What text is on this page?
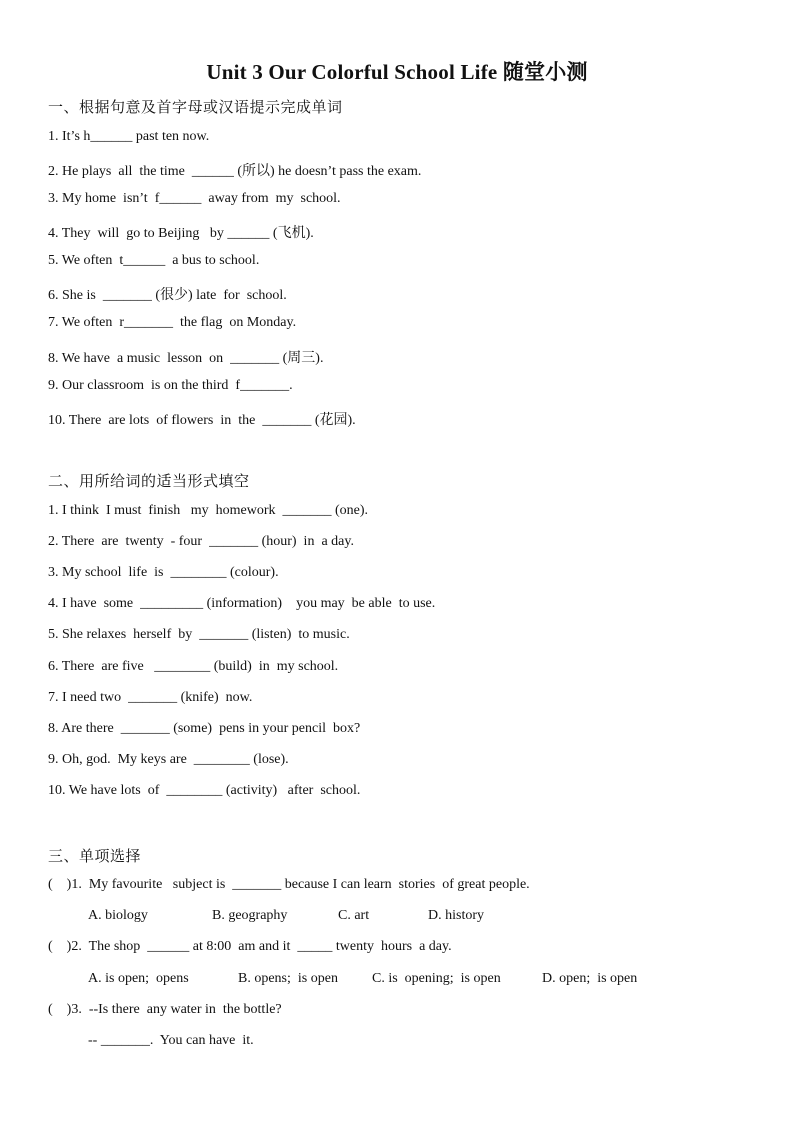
Unit 3 Our Colorful School Life 随堂小测
一、根据句意及首字母或汉语提示完成单词
1. It’s h______ past ten now.
2. He plays  all  the time  ______ (所以) he doesn’t pass the exam.
3. My home  isn’t  f______  away from  my  school.
4. They  will  go to Beijing   by ______ (飞机).
5. We often  t______  a bus to school.
6. She is  _______ (很少) late  for  school.
7. We often  r_______  the flag  on Monday.
8. We have  a music  lesson  on  _______ (周三).
9. Our classroom  is on the third  f_______.
10. There  are lots  of flowers  in  the  _______ (花园).
二、用所给词的适当形式填空
1. I think  I must  finish   my  homework  _______ (one).
2. There  are  twenty  - four  _______ (hour)  in  a day.
3. My school  life  is  ________ (colour).
4. I have  some  _________ (information)    you may  be able  to use.
5. She relaxes  herself  by  _______ (listen)  to music.
6. There  are five   ________ (build)  in  my school.
7. I need two  _______ (knife)  now.
8. Are there  _______ (some)  pens in your pencil  box?
9. Oh, god.  My keys are  ________ (lose).
10. We have lots  of  ________ (activity)   after  school.
三、单项选择
(    )1.  My favourite   subject is  _______ because I can learn  stories  of great people.
A. biology	B. geography	C. art	D. history
(    )2.  The shop  ______ at 8:00  am and it  _____ twenty  hours  a day.
A. is open;  opens	B. opens;  is open C. is  opening;  is open	D. open;  is open
(    )3.  --Is there  any water in  the bottle?
-- _______.  You can have  it.
